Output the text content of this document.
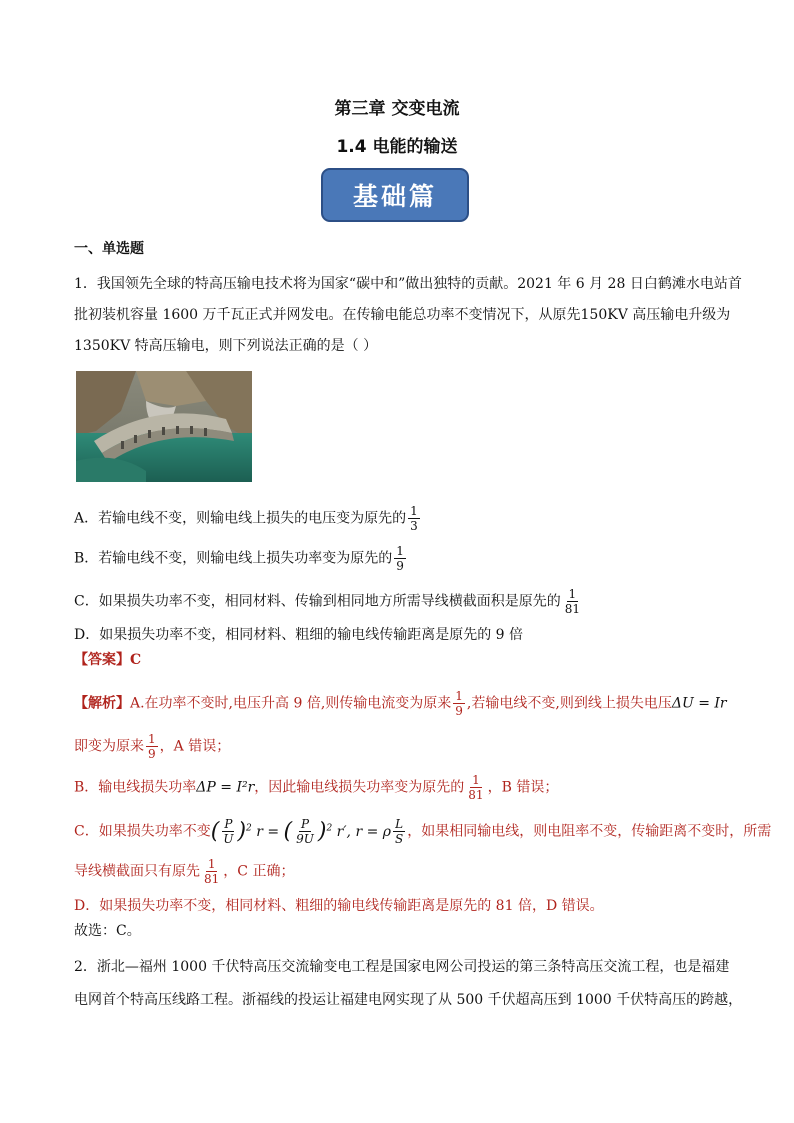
第三章 交变电流
1.4 电能的输送
基础篇
一、单选题
1．我国领先全球的特高压输电技术将为国家“碳中和”做出独特的贡献。2021 年 6 月 28 日白鹤滩水电站首
批初装机容量 1600 万千瓦正式并网发电。在传输电能总功率不变情况下，从原先150KV 高压输电升级为
1350KV 特高压输电，则下列说法正确的是（ ）
A．若输电线不变，则输电线上损失的电压变为原先的 $\frac{1}{3}$
B．若输电线不变，则输电线上损失功率变为原先的 $\frac{1}{9}$
C．如果损失功率不变，相同材料、传输到相同地方所需导线横截面积是原先的 $\frac{1}{81}$
D．如果损失功率不变，相同材料、粗细的输电线传输距离是原先的 9 倍
【答案】C
【解析】A.在功率不变时,电压升高 9 倍,则传输电流变为原来 $\frac{1}{9}$ ,若输电线不变,则到线上损失电压ΔU = Ir
即变为原来 $\frac{1}{9}$ ，A 错误；
B．输电线损失功率ΔP = I²r，因此输电线损失功率变为原先的 $\frac{1}{81}$ ，B 错误；
C．如果损失功率不变( $\frac{P}{U} )^2$ r = ( $\frac{P}{9U} )^2$ r′, r = ρ $\frac{L}{S}$ ，如果相同输电线，则电阻率不变，传输距离不变时，所需
导线横截面只有原先 $\frac{1}{81}$ ，C 正确；
D．如果损失功率不变，相同材料、粗细的输电线传输距离是原先的 81 倍，D 错误。
故选：C。
2．浙北—福州 1000 千伏特高压交流输变电工程是国家电网公司投运的第三条特高压交流工程，也是福建
电网首个特高压线路工程。浙福线的投运让福建电网实现了从 500 千伏超高压到 1000 千伏特高压的跨越，
